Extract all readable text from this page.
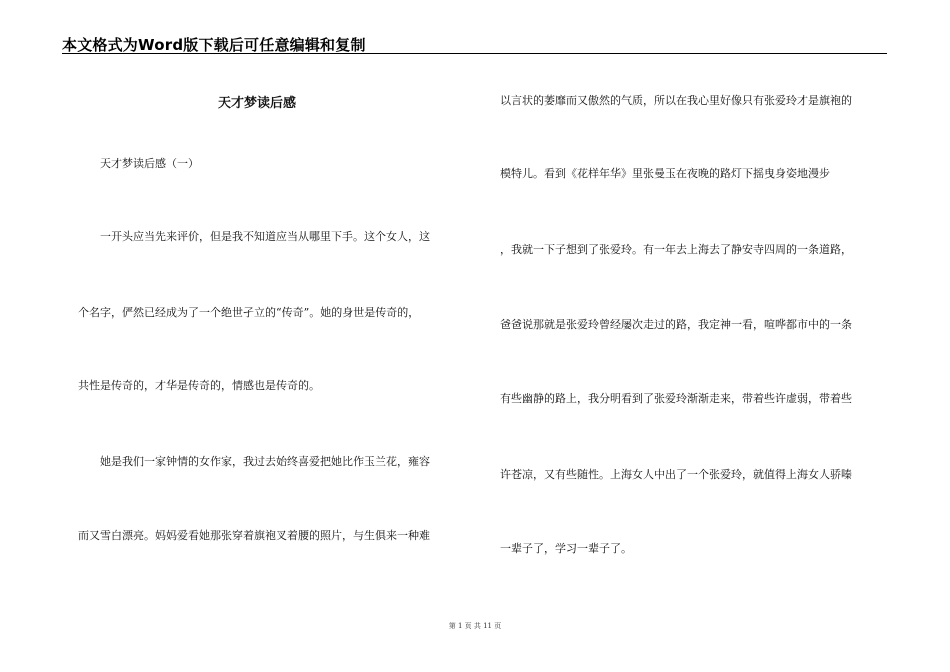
本文格式为Word版下载后可任意编辑和复制
天才梦读后感
天才梦读后感（一）
一开头应当先来评价，但是我不知道应当从哪里下手。这个女人，这
个名字，俨然已经成为了一个绝世孑立的“传奇”。她的身世是传奇的，
共性是传奇的，才华是传奇的，情感也是传奇的。
她是我们一家钟情的女作家，我过去始终喜爱把她比作玉兰花，雍容
而又雪白漂亮。妈妈爱看她那张穿着旗袍叉着腰的照片，与生俱来一种难
以言状的萎靡而又傲然的气质，所以在我心里好像只有张爱玲才是旗袍的
模特儿。看到《花样年华》里张曼玉在夜晚的路灯下摇曳身姿地漫步
，我就一下子想到了张爱玲。有一年去上海去了静安寺四周的一条道路，
爸爸说那就是张爱玲曾经屡次走过的路，我定神一看，喧哗都市中的一条
有些幽静的路上，我分明看到了张爱玲渐渐走来，带着些许虚弱，带着些
许苍凉，又有些随性。上海女人中出了一个张爱玲，就值得上海女人骄嗪
一辈子了，学习一辈子了。
第 1 页 共 11 页
